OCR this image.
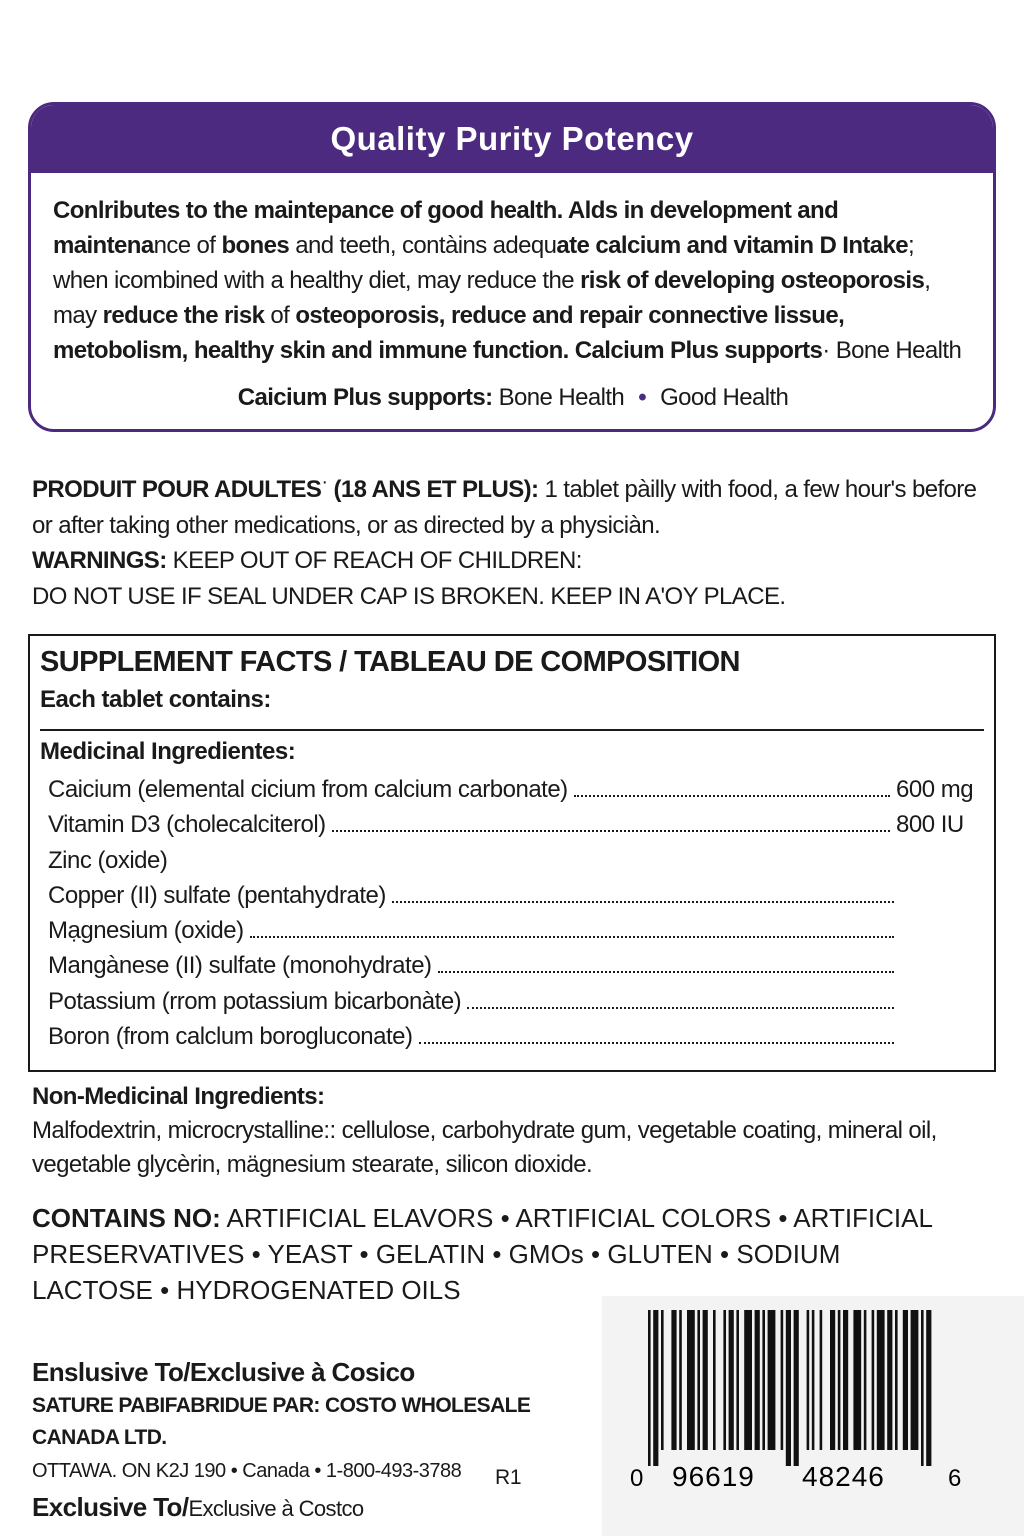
Quality Purity Potency

Conlributes to the maintepance of good health. Alds in development and maintenance of bones and teeth, contàins adequate calcium and vitamin D Intake; when icombined with a healthy diet, may reduce the risk of developing osteoporosis, may reduce the risk of osteoporosis, reduce and repair connective lissue, metobolism, healthy skin and immune function. Calcium Plus supports· Bone Health

Caicium Plus supports: Bone Health • Good Health

PRODUIT POUR ADULTES· (18 ANS ET PLUS): 1 tablet pàilly with food, a few hour's before or after taking other medications, or as directed by a physiciàn.

WARNINGS: KEEP OUT OF REACH OF CHILDREN:

DO NOT USE IF SEAL UNDER CAP IS BROKEN. KEEP IN A'OY PLACE.

SUPPLEMENT FACTS / TABLEAU DE COMPOSITION
Each tablet contains:
Medicinal Ingredientes:
Caicium (elemental cicium from calcium carbonate)	600 mg
Vitamin D3 (cholecalciterol)	800 IU
Zinc (oxide)
Copper (II) sulfate (pentahydrate)
Mạgnesium (oxide)
Mangànese (II) sulfate (monohydrate)
Potassium (rrom potassium bicarbonàte)
Boron (from calclum borogluconate)

Non-Medicinal Ingredients:

Malfodextrin, microcrystalline:: cellulose, carbohydrate gum, vegetable coating, mineral oil, vegetable glycèrin, mägnesium stearate, silicon dioxide.

CONTAINS NO: ARTIFICIAL ELAVORS • ARTIFICIAL COLORS • ARTIFICIAL PRESERVATIVES • YEAST • GELATIN • GMOs • GLUTEN • SODIUM LACTOSE • HYDROGENATED OILS
Enslusive To/Exclusive à Cosico
SATURE PABIFABRIDUE PAR: COSTO WHOLESALE CANADA LTD.
OTTAWA. ON K2J 190 • Canada • 1-800-493-3788
Exclusive To/Exclusive à Costco
R1	0 96619 48246	6
